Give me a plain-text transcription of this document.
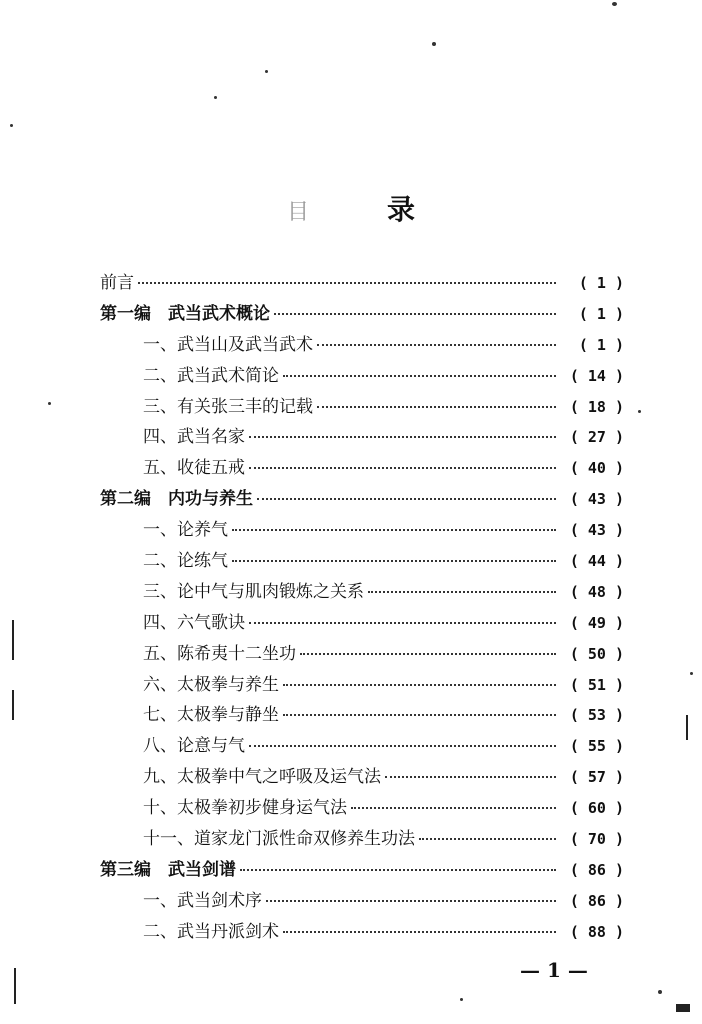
目	录
前言	( 1 )
第一编　武当武术概论	( 1 )
一、武当山及武当武术	( 1 )
二、武当武术简论	( 14 )
三、有关张三丰的记载	( 18 )
四、武当名家	( 27 )
五、收徒五戒	( 40 )
第二编　内功与养生	( 43 )
一、论养气	( 43 )
二、论练气	( 44 )
三、论中气与肌肉锻炼之关系	( 48 )
四、六气歌诀	( 49 )
五、陈希夷十二坐功	( 50 )
六、太极拳与养生	( 51 )
七、太极拳与静坐	( 53 )
八、论意与气	( 55 )
九、太极拳中气之呼吸及运气法	( 57 )
十、太极拳初步健身运气法	( 60 )
十一、道家龙门派性命双修养生功法	( 70 )
第三编　武当剑谱	( 86 )
一、武当剑术序	( 86 )
二、武当丹派剑术	( 88 )
— 1 —
